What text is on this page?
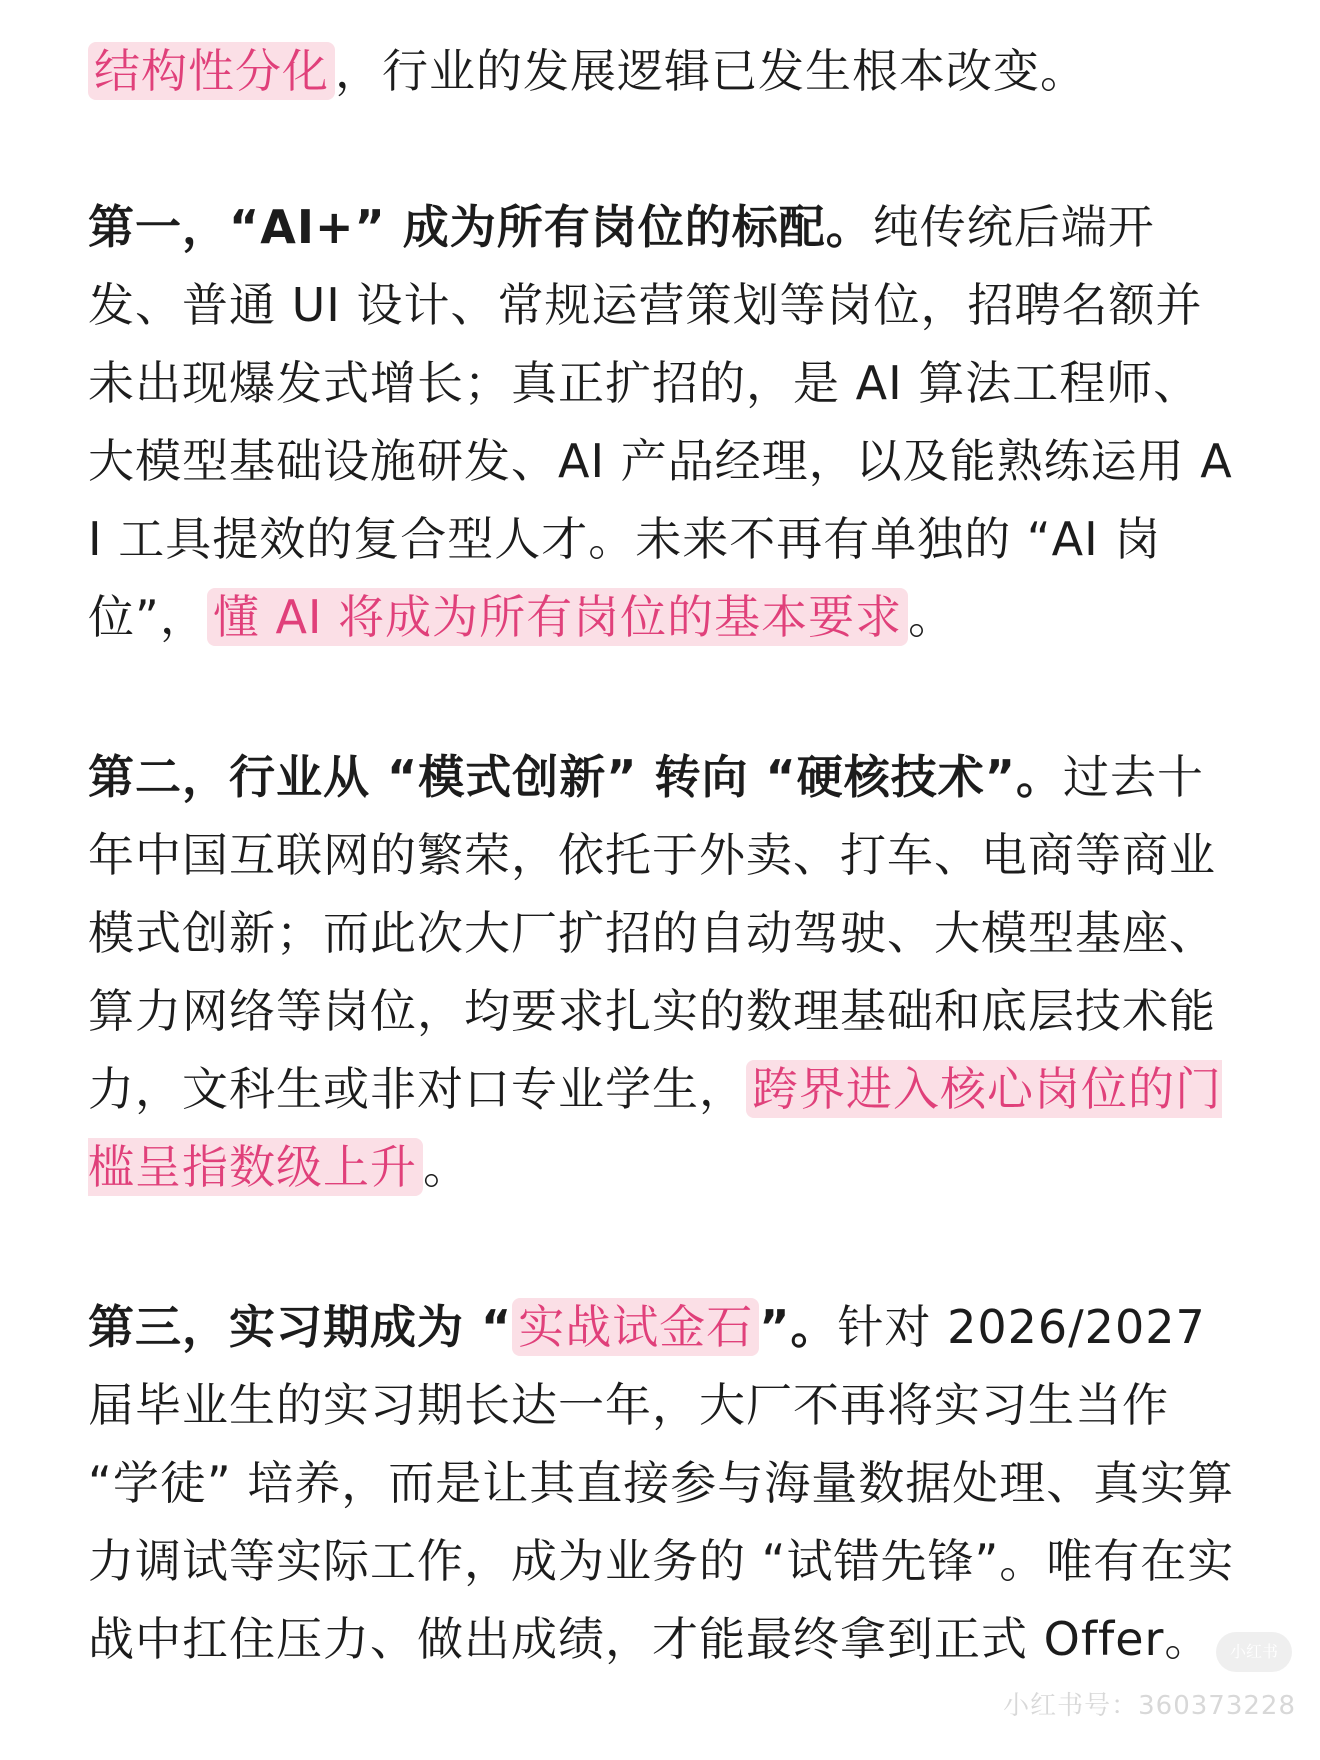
结构性分化 ，行业的发展逻辑已发生根本改变。

第一，“AI+” 成为所有岗位的标配。纯传统后端开发、普通 UI 设计、常规运营策划等岗位，招聘名额并未出现爆发式增长；真正扩招的，是 AI 算法工程师、大模型基础设施研发、AI 产品经理，以及能熟练运用 AI 工具提效的复合型人才。未来不再有单独的 “AI 岗位”， 懂 AI 将成为所有岗位的基本要求 。

第二，行业从 “模式创新” 转向 “硬核技术”。过去十年中国互联网的繁荣，依托于外卖、打车、电商等商业模式创新；而此次大厂扩招的自动驾驶、大模型基座、算力网络等岗位，均要求扎实的数理基础和底层技术能力，文科生或非对口专业学生， 跨界进入核心岗位的门槛呈指数级上升 。

第三，实习期成为 “ 实战试金石 ”。针对 2026/2027 届毕业生的实习期长达一年，大厂不再将实习生当作 “学徒” 培养，而是让其直接参与海量数据处理、真实算力调试等实际工作，成为业务的 “试错先锋”。唯有在实战中扛住压力、做出成绩，才能最终拿到正式 Offer。	小红书
小红书号：360373228
